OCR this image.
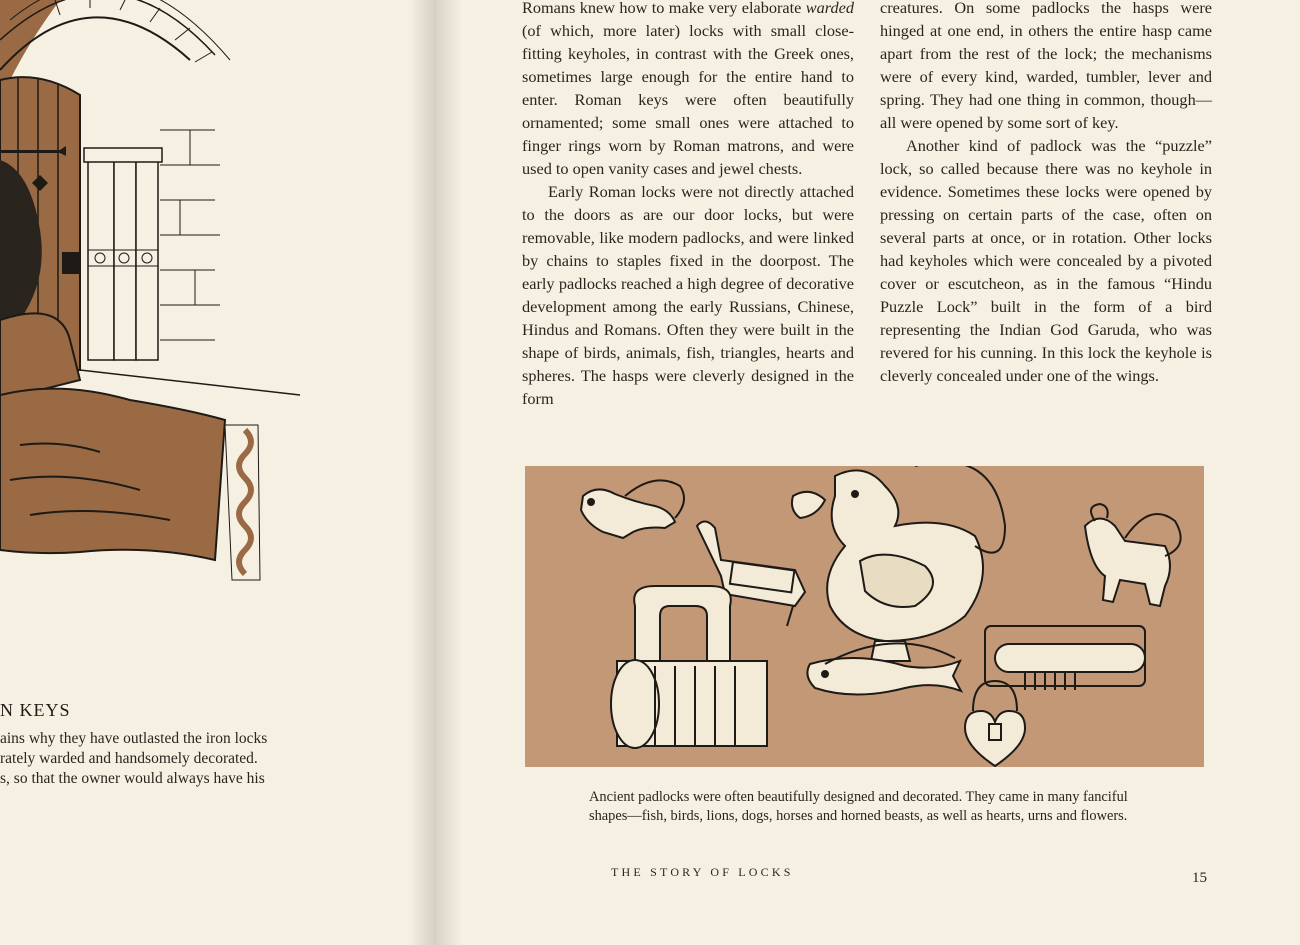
N KEYS
ains why they have outlasted the iron locks
rately warded and handsomely decorated.
s, so that the owner would always have his

Romans knew how to make very elaborate warded (of which, more later) locks with small close-fitting keyholes, in contrast with the Greek ones, sometimes large enough for the entire hand to enter. Roman keys were often beautifully ornamented; some small ones were attached to finger rings worn by Roman matrons, and were used to open vanity cases and jewel chests.

Early Roman locks were not directly attached to the doors as are our door locks, but were removable, like modern padlocks, and were linked by chains to staples fixed in the doorpost. The early padlocks reached a high degree of decorative development among the early Russians, Chinese, Hindus and Romans. Often they were built in the shape of birds, animals, fish, triangles, hearts and spheres. The hasps were cleverly designed in the form

creatures. On some padlocks the hasps were hinged at one end, in others the entire hasp came apart from the rest of the lock; the mechanisms were of every kind, warded, tumbler, lever and spring. They had one thing in common, though—all were opened by some sort of key.

Another kind of padlock was the “puzzle” lock, so called because there was no keyhole in evidence. Sometimes these locks were opened by pressing on certain parts of the case, often on several parts at once, or in rotation. Other locks had keyholes which were concealed by a pivoted cover or escutcheon, as in the famous “Hindu Puzzle Lock” built in the form of a bird representing the Indian God Garuda, who was revered for his cunning. In this lock the keyhole is cleverly concealed under one of the wings.

Ancient padlocks were often beautifully designed and decorated. They came in many fanciful shapes—fish, birds, lions, dogs, horses and horned beasts, as well as hearts, urns and flowers.

THE STORY OF LOCKS	15
